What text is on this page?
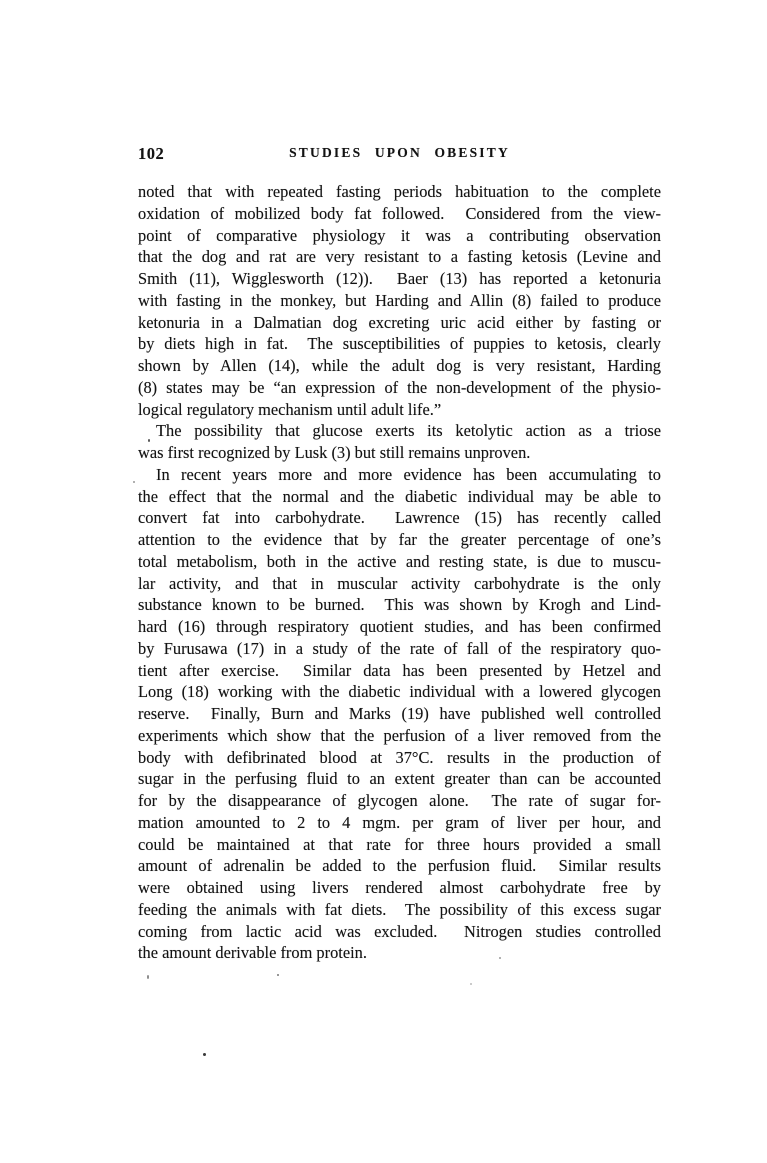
102	STUDIES UPON OBESITY
noted that with repeated fasting periods habituation to the complete
oxidation of mobilized body fat followed.  Considered from the view-
point of comparative physiology it was a contributing observation
that the dog and rat are very resistant to a fasting ketosis (Levine and
Smith (11), Wigglesworth (12)).  Baer (13) has reported a ketonuria
with fasting in the monkey, but Harding and Allin (8) failed to produce
ketonuria in a Dalmatian dog excreting uric acid either by fasting or
by diets high in fat.  The susceptibilities of puppies to ketosis, clearly
shown by Allen (14), while the adult dog is very resistant, Harding
(8) states may be “an expression of the non-development of the physio-
logical regulatory mechanism until adult life.”
The possibility that glucose exerts its ketolytic action as a triose
was first recognized by Lusk (3) but still remains unproven.
In recent years more and more evidence has been accumulating to
the effect that the normal and the diabetic individual may be able to
convert fat into carbohydrate.  Lawrence (15) has recently called
attention to the evidence that by far the greater percentage of one’s
total metabolism, both in the active and resting state, is due to muscu-
lar activity, and that in muscular activity carbohydrate is the only
substance known to be burned.  This was shown by Krogh and Lind-
hard (16) through respiratory quotient studies, and has been confirmed
by Furusawa (17) in a study of the rate of fall of the respiratory quo-
tient after exercise.  Similar data has been presented by Hetzel and
Long (18) working with the diabetic individual with a lowered glycogen
reserve.  Finally, Burn and Marks (19) have published well controlled
experiments which show that the perfusion of a liver removed from the
body with defibrinated blood at 37°C. results in the production of
sugar in the perfusing fluid to an extent greater than can be accounted
for by the disappearance of glycogen alone.  The rate of sugar for-
mation amounted to 2 to 4 mgm. per gram of liver per hour, and
could be maintained at that rate for three hours provided a small
amount of adrenalin be added to the perfusion fluid.  Similar results
were obtained using livers rendered almost carbohydrate free by
feeding the animals with fat diets.  The possibility of this excess sugar
coming from lactic acid was excluded.  Nitrogen studies controlled
the amount derivable from protein.
